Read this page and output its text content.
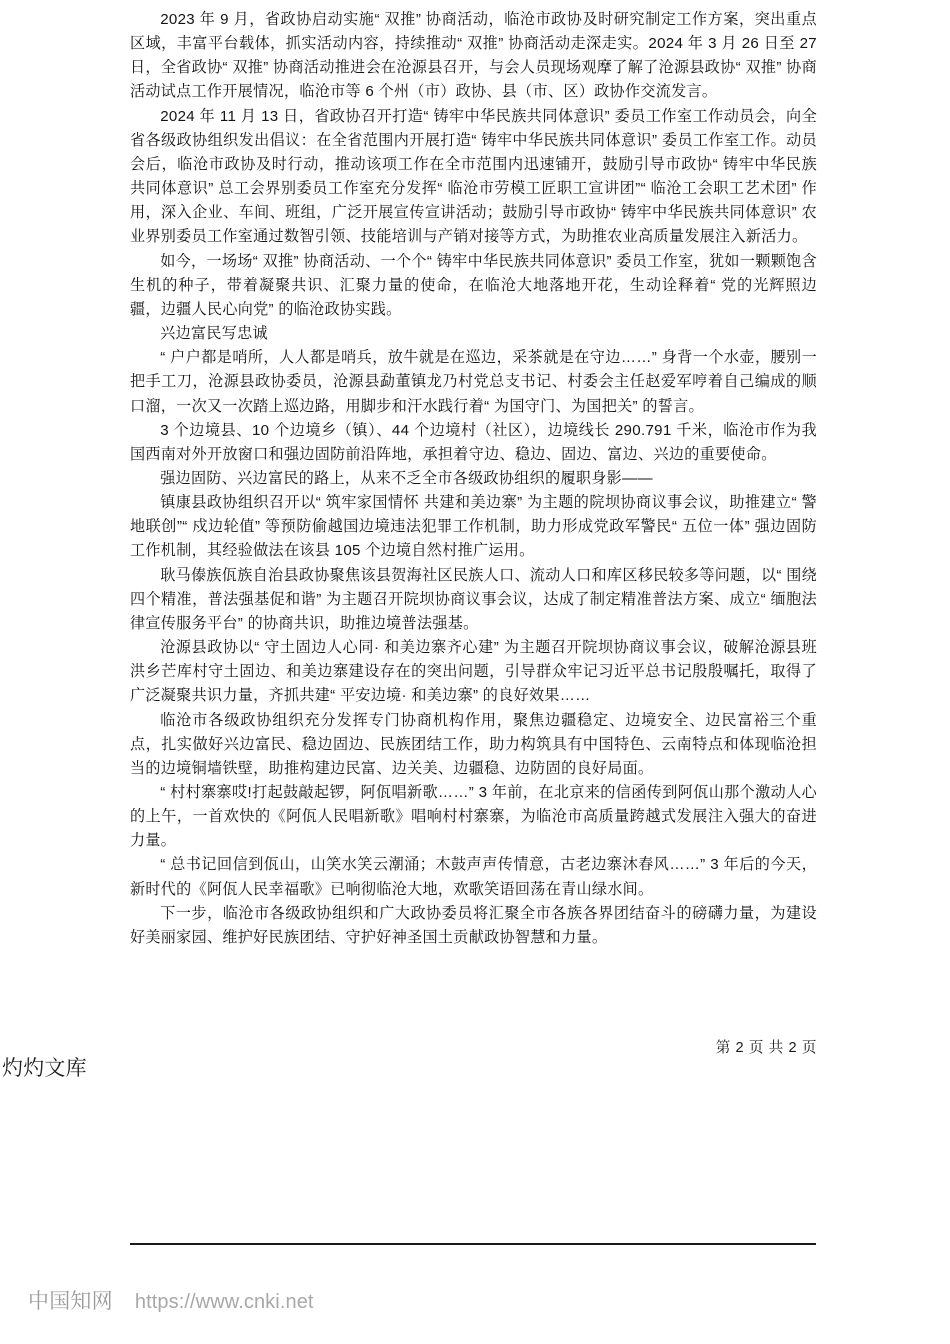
2023 年 9 月，省政协启动实施“ 双推” 协商活动，临沧市政协及时研究制定工作方案，突出重点区域，丰富平台载体，抓实活动内容，持续推动“ 双推” 协商活动走深走实。2024 年 3 月 26 日至 27 日，全省政协“ 双推” 协商活动推进会在沧源县召开，与会人员现场观摩了解了沧源县政协“ 双推” 协商活动试点工作开展情况，临沧市等 6 个州（市）政协、县（市、区）政协作交流发言。

2024 年 11 月 13 日，省政协召开打造“ 铸牢中华民族共同体意识” 委员工作室工作动员会，向全省各级政协组织发出倡议：在全省范围内开展打造“ 铸牢中华民族共同体意识” 委员工作室工作。动员会后，临沧市政协及时行动，推动该项工作在全市范围内迅速铺开，鼓励引导市政协“ 铸牢中华民族共同体意识” 总工会界别委员工作室充分发挥“ 临沧市劳模工匠职工宣讲团”“ 临沧工会职工艺术团” 作用，深入企业、车间、班组，广泛开展宣传宣讲活动；鼓励引导市政协“ 铸牢中华民族共同体意识” 农业界别委员工作室通过数智引领、技能培训与产销对接等方式，为助推农业高质量发展注入新活力。

如今，一场场“ 双推” 协商活动、一个个“ 铸牢中华民族共同体意识” 委员工作室，犹如一颗颗饱含生机的种子，带着凝聚共识、汇聚力量的使命，在临沧大地落地开花，生动诠释着“ 党的光辉照边疆，边疆人民心向党” 的临沧政协实践。

兴边富民写忠诚

“ 户户都是哨所，人人都是哨兵，放牛就是在巡边，采茶就是在守边……” 身背一个水壶，腰别一把手工刀，沧源县政协委员，沧源县勐董镇龙乃村党总支书记、村委会主任赵爱军哼着自己编成的顺口溜，一次又一次踏上巡边路，用脚步和汗水践行着“ 为国守门、为国把关” 的誓言。

3 个边境县、10 个边境乡（镇）、44 个边境村（社区），边境线长 290.791 千米，临沧市作为我国西南对外开放窗口和强边固防前沿阵地，承担着守边、稳边、固边、富边、兴边的重要使命。

强边固防、兴边富民的路上，从来不乏全市各级政协组织的履职身影——

镇康县政协组织召开以“ 筑牢家国情怀 共建和美边寨” 为主题的院坝协商议事会议，助推建立“ 警地联创”“ 戍边轮值” 等预防偷越国边境违法犯罪工作机制，助力形成党政军警民“ 五位一体” 强边固防工作机制，其经验做法在该县 105 个边境自然村推广运用。

耿马傣族佤族自治县政协聚焦该县贺海社区民族人口、流动人口和库区移民较多等问题，以“ 围绕四个精准，普法强基促和谐” 为主题召开院坝协商议事会议，达成了制定精准普法方案、成立“ 缅胞法律宣传服务平台” 的协商共识，助推边境普法强基。

沧源县政协以“ 守土固边人心同· 和美边寨齐心建” 为主题召开院坝协商议事会议，破解沧源县班洪乡芒库村守土固边、和美边寨建设存在的突出问题，引导群众牢记习近平总书记殷殷嘱托，取得了广泛凝聚共识力量，齐抓共建“ 平安边境· 和美边寨” 的良好效果……

临沧市各级政协组织充分发挥专门协商机构作用，聚焦边疆稳定、边境安全、边民富裕三个重点，扎实做好兴边富民、稳边固边、民族团结工作，助力构筑具有中国特色、云南特点和体现临沧担当的边境铜墙铁壁，助推构建边民富、边关美、边疆稳、边防固的良好局面。

“ 村村寨寨哎!打起鼓敲起锣，阿佤唱新歌……” 3 年前，在北京来的信函传到阿佤山那个激动人心的上午，一首欢快的《阿佤人民唱新歌》唱响村村寨寨，为临沧市高质量跨越式发展注入强大的奋进力量。

“ 总书记回信到佤山，山笑水笑云潮涌；木鼓声声传情意，古老边寨沐春风……” 3 年后的今天，新时代的《阿佤人民幸福歌》已响彻临沧大地，欢歌笑语回荡在青山绿水间。

下一步，临沧市各级政协组织和广大政协委员将汇聚全市各族各界团结奋斗的磅礴力量，为建设好美丽家园、维护好民族团结、守护好神圣国土贡献政协智慧和力量。

第 2 页 共 2 页
灼灼文库
中国知网 https://www.cnki.net
